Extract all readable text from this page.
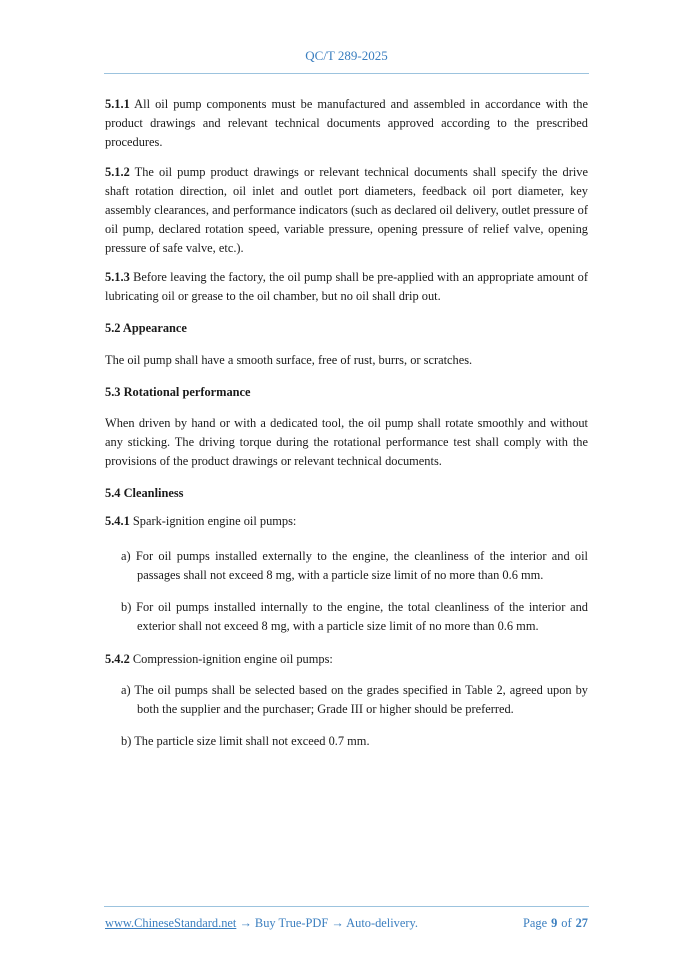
QC/T 289-2025
5.1.1 All oil pump components must be manufactured and assembled in accordance with the product drawings and relevant technical documents approved according to the prescribed procedures.
5.1.2 The oil pump product drawings or relevant technical documents shall specify the drive shaft rotation direction, oil inlet and outlet port diameters, feedback oil port diameter, key assembly clearances, and performance indicators (such as declared oil delivery, outlet pressure of oil pump, declared rotation speed, variable pressure, opening pressure of relief valve, opening pressure of safe valve, etc.).
5.1.3 Before leaving the factory, the oil pump shall be pre-applied with an appropriate amount of lubricating oil or grease to the oil chamber, but no oil shall drip out.
5.2 Appearance
The oil pump shall have a smooth surface, free of rust, burrs, or scratches.
5.3 Rotational performance
When driven by hand or with a dedicated tool, the oil pump shall rotate smoothly and without any sticking. The driving torque during the rotational performance test shall comply with the provisions of the product drawings or relevant technical documents.
5.4 Cleanliness
5.4.1 Spark-ignition engine oil pumps:
a) For oil pumps installed externally to the engine, the cleanliness of the interior and oil passages shall not exceed 8 mg, with a particle size limit of no more than 0.6 mm.
b) For oil pumps installed internally to the engine, the total cleanliness of the interior and exterior shall not exceed 8 mg, with a particle size limit of no more than 0.6 mm.
5.4.2 Compression-ignition engine oil pumps:
a) The oil pumps shall be selected based on the grades specified in Table 2, agreed upon by both the supplier and the purchaser; Grade III or higher should be preferred.
b) The particle size limit shall not exceed 0.7 mm.
www.ChineseStandard.net → Buy True-PDF → Auto-delivery.	Page 9 of 27
